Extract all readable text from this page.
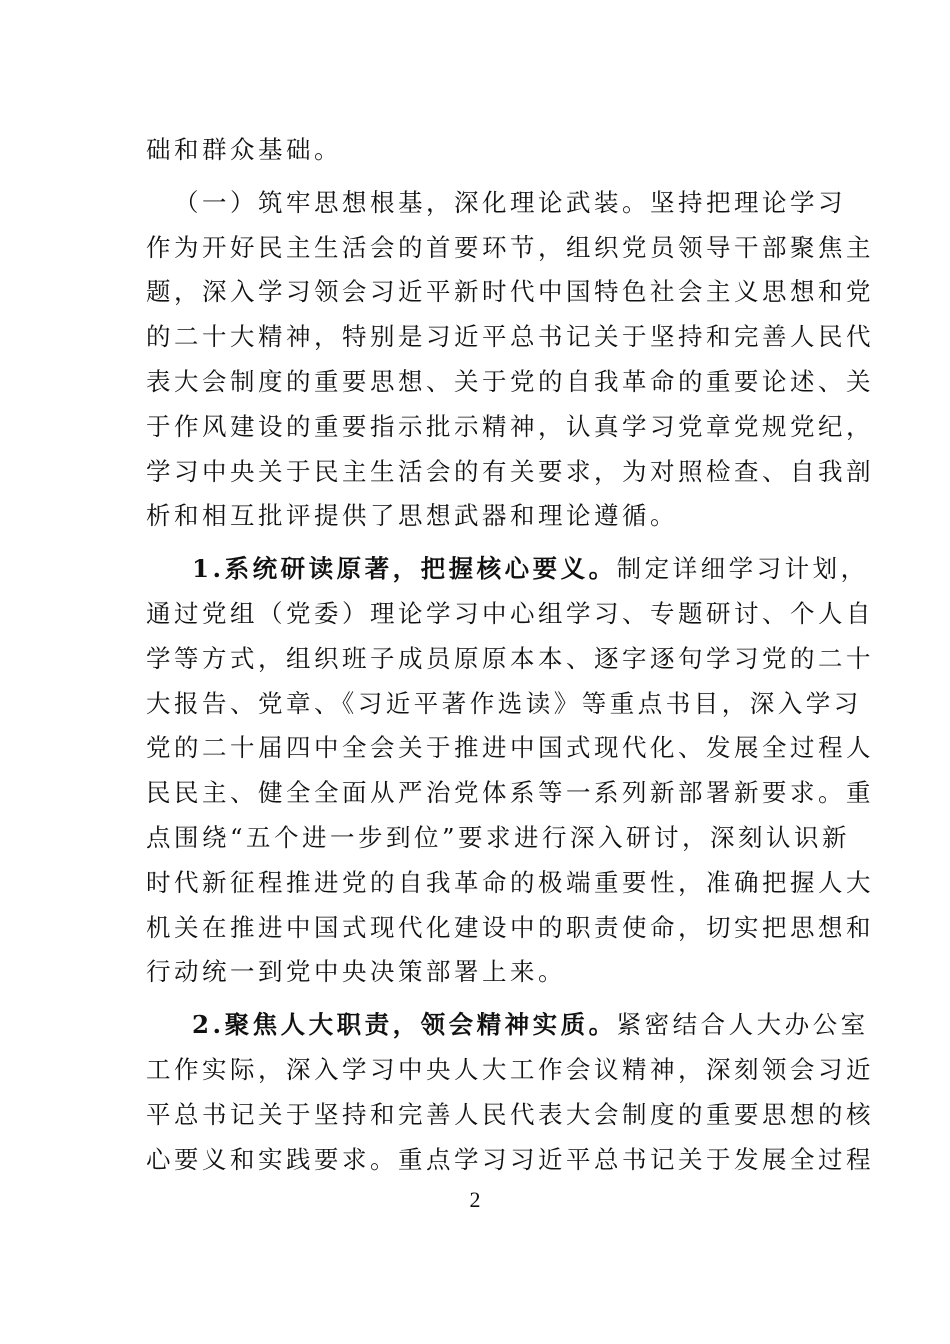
础和群众基础。
（一）筑牢思想根基，深化理论武装。坚持把理论学习
作为开好民主生活会的首要环节，组织党员领导干部聚焦主
题，深入学习领会习近平新时代中国特色社会主义思想和党
的二十大精神，特别是习近平总书记关于坚持和完善人民代
表大会制度的重要思想、关于党的自我革命的重要论述、关
于作风建设的重要指示批示精神，认真学习党章党规党纪，
学习中央关于民主生活会的有关要求，为对照检查、自我剖
析和相互批评提供了思想武器和理论遵循。
1.系统研读原著，把握核心要义。制定详细学习计划，
通过党组（党委）理论学习中心组学习、专题研讨、个人自
学等方式，组织班子成员原原本本、逐字逐句学习党的二十
大报告、党章、《习近平著作选读》等重点书目，深入学习
党的二十届四中全会关于推进中国式现代化、发展全过程人
民民主、健全全面从严治党体系等一系列新部署新要求。重
点围绕“五个进一步到位”要求进行深入研讨，深刻认识新
时代新征程推进党的自我革命的极端重要性，准确把握人大
机关在推进中国式现代化建设中的职责使命，切实把思想和
行动统一到党中央决策部署上来。
2.聚焦人大职责，领会精神实质。紧密结合人大办公室
工作实际，深入学习中央人大工作会议精神，深刻领会习近
平总书记关于坚持和完善人民代表大会制度的重要思想的核
心要义和实践要求。重点学习习近平总书记关于发展全过程
2
